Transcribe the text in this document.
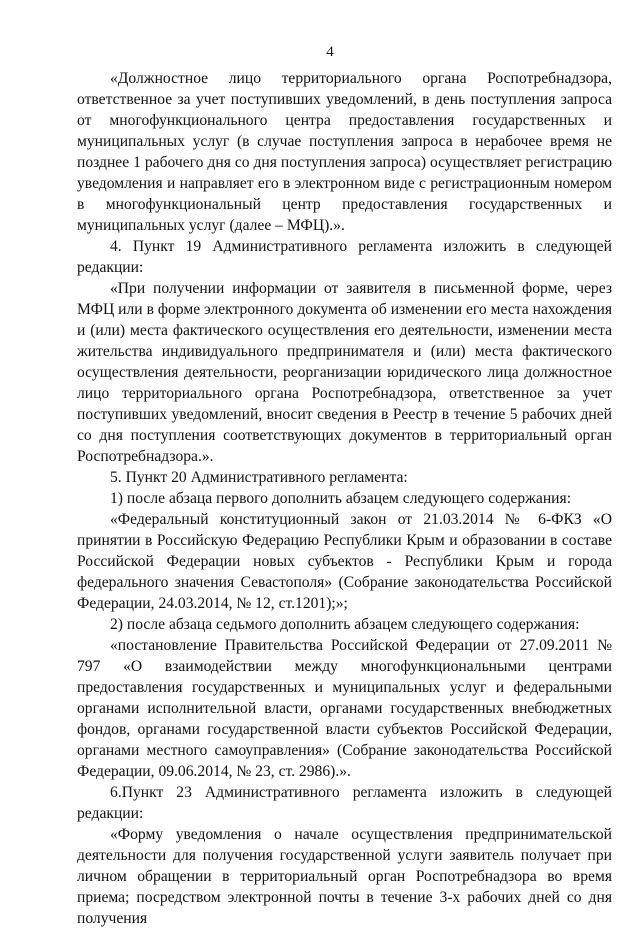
4

«Должностное лицо территориального органа Роспотребнадзора, ответственное за учет поступивших уведомлений, в день поступления запроса от многофункционального центра предоставления государственных и муниципальных услуг (в случае поступления запроса в нерабочее время не позднее 1 рабочего дня со дня поступления запроса) осуществляет регистрацию уведомления и направляет его в электронном виде с регистрационным номером в многофункциональный центр предоставления государственных и муниципальных услуг (далее – МФЦ).».

4. Пункт 19 Административного регламента изложить в следующей редакции:

«При получении информации от заявителя в письменной форме, через МФЦ или в форме электронного документа об изменении его места нахождения и (или) места фактического осуществления его деятельности, изменении места жительства индивидуального предпринимателя и (или) места фактического осуществления деятельности, реорганизации юридического лица должностное лицо территориального органа Роспотребнадзора, ответственное за учет поступивших уведомлений, вносит сведения в Реестр в течение 5 рабочих дней со дня поступления соответствующих документов в территориальный орган Роспотребнадзора.».

5. Пункт 20 Административного регламента:

1) после абзаца первого дополнить абзацем следующего содержания:

«Федеральный конституционный закон от 21.03.2014 № 6-ФКЗ «О принятии в Российскую Федерацию Республики Крым и образовании в составе Российской Федерации новых субъектов - Республики Крым и города федерального значения Севастополя» (Собрание законодательства Российской Федерации, 24.03.2014, № 12, ст.1201);»;

2) после абзаца седьмого дополнить абзацем следующего содержания:

«постановление Правительства Российской Федерации от 27.09.2011 № 797 «О взаимодействии между многофункциональными центрами предоставления государственных и муниципальных услуг и федеральными органами исполнительной власти, органами государственных внебюджетных фондов, органами государственной власти субъектов Российской Федерации, органами местного самоуправления» (Собрание законодательства Российской Федерации, 09.06.2014, № 23, ст. 2986).».

6.Пункт 23 Административного регламента изложить в следующей редакции:

«Форму уведомления о начале осуществления предпринимательской деятельности для получения государственной услуги заявитель получает при личном обращении в территориальный орган Роспотребнадзора во время приема; посредством электронной почты в течение 3-х рабочих дней со дня получения
